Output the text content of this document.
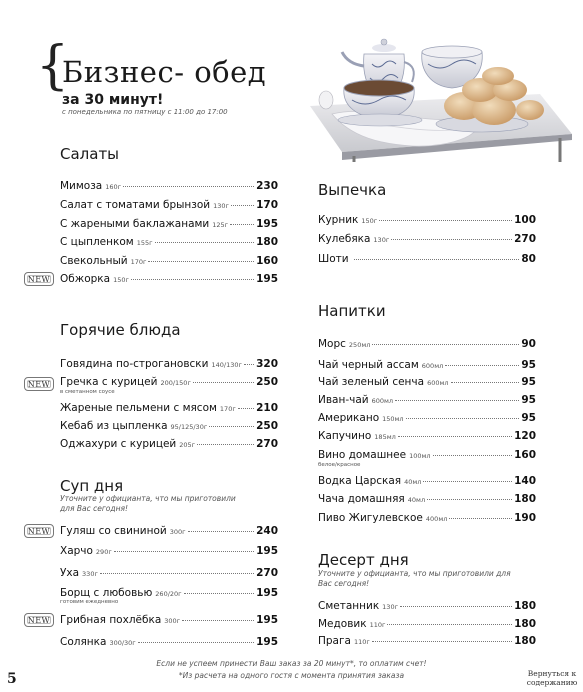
{
Бизнес- обед
за 30 минут!
с понедельника по пятницу с 11:00 до 17:00
Салаты
Мимоза 160г	230
Салат с томатами брынзой 130г	170
С жареными баклажанами 125г	195
С цыпленком 155г	180
Свекольный 170г	160
Обжорка 150г	195
NEW
Горячие блюда
Говядина по-строгановски 140/130г 320
Гречка с курицей 200/150г	250
в сметанном соусе
Жареные пельмени с мясом 170г 210
Кебаб из цыпленка 95/125/30г	250
Оджахури с курицей 205г	270
NEW
Суп дня
Уточните у официанта, что мы приготовили для Вас сегодня!
Гуляш со свининой 300г	240
Харчо 290г	195
Уха 330г	270
Борщ с любовью 260/20г	195
готовим ежедневно
Грибная похлёбка 300г	195
Солянка 300/30г	195
NEW
NEW
Выпечка
Курник 150г	100
Кулебяка 130г	270
Шоти	80
Напитки
Морс 250мл	90
Чай черный ассам 600мл	95
Чай зеленый сенча 600мл	95
Иван-чай 600мл	95
Американо 150мл	95
Капучино 185мл	120
Вино домашнее 100мл	160
белое/красное
Водка Царская 40мл	140
Чача домашняя 40мл	180
Пиво Жигулевское 400мл	190
Десерт дня
Уточните у официанта, что мы приготовили для Вас сегодня!
Сметанник 130г	180
Медовик 110г	180
Прага 110г	180
Если не успеем принести Ваш заказ за 20 минут*, то оплатим счет!
*Из расчета на одного гостя с момента принятия заказа
5	Вернуться к содержанию
